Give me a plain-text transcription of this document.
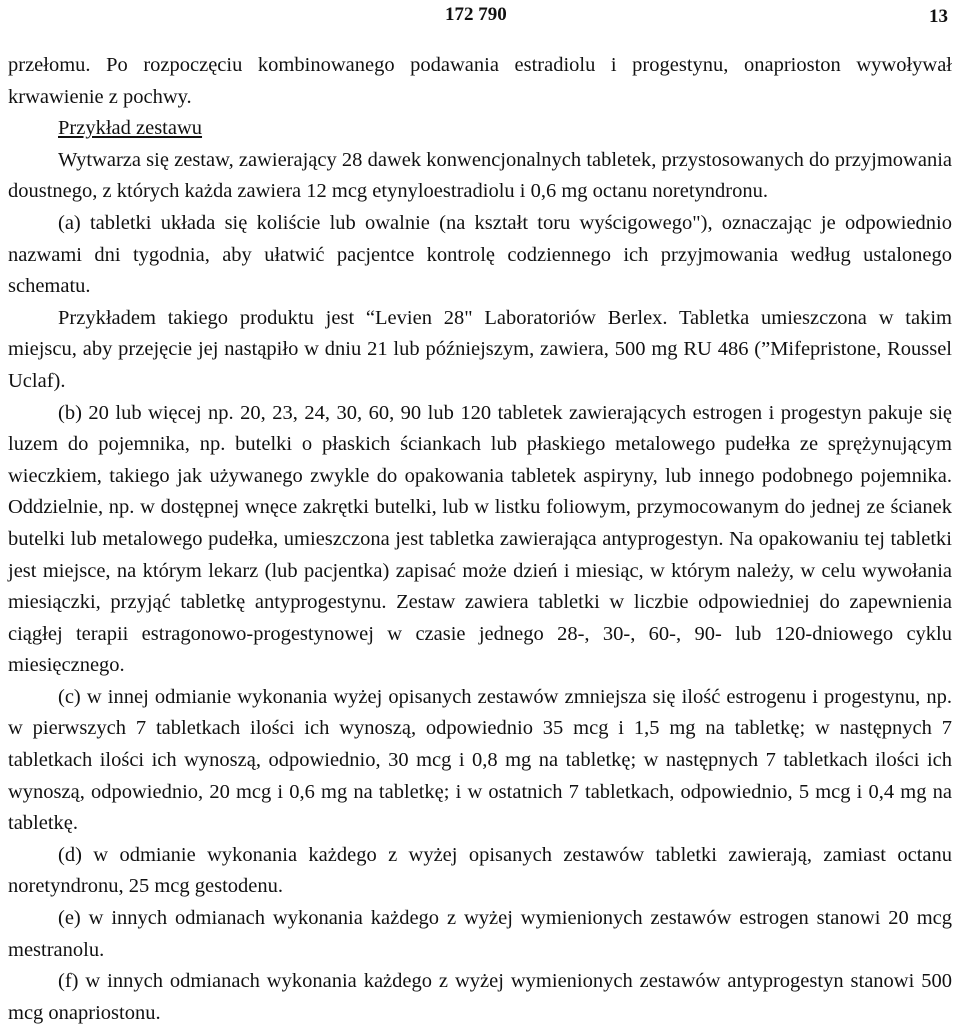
172 790	13

przełomu. Po rozpoczęciu kombinowanego podawania estradiolu i progestynu, onaprioston wywoływał krwawienie z pochwy.

Przykład zestawu

Wytwarza się zestaw, zawierający 28 dawek konwencjonalnych tabletek, przystosowanych do przyjmowania doustnego, z których każda zawiera 12 mcg etynyloestradiolu i 0,6 mg octanu noretyndronu.

(a) tabletki układa się koliście lub owalnie (na kształt toru wyścigowego"), oznaczając je odpowiednio nazwami dni tygodnia, aby ułatwić pacjentce kontrolę codziennego ich przyjmowania według ustalonego schematu.

Przykładem takiego produktu jest “Levien 28" Laboratoriów Berlex. Tabletka umieszczona w takim miejscu, aby przejęcie jej nastąpiło w dniu 21 lub późniejszym, zawiera, 500 mg RU 486 (”Mifepristone, Roussel Uclaf).

(b) 20 lub więcej np. 20, 23, 24, 30, 60, 90 lub 120 tabletek zawierających estrogen i progestyn pakuje się luzem do pojemnika, np. butelki o płaskich ściankach lub płaskiego metalowego pudełka ze sprężynującym wieczkiem, takiego jak używanego zwykle do opakowania tabletek aspiryny, lub innego podobnego pojemnika. Oddzielnie, np. w dostępnej wnęce zakrętki butelki, lub w listku foliowym, przymocowanym do jednej ze ścianek butelki lub metalowego pudełka, umieszczona jest tabletka zawierająca antyprogestyn. Na opakowaniu tej tabletki jest miejsce, na którym lekarz (lub pacjentka) zapisać może dzień i miesiąc, w którym należy, w celu wywołania miesiączki, przyjąć tabletkę antyprogestynu. Zestaw zawiera tabletki w liczbie odpowiedniej do zapewnienia ciągłej terapii estragonowo-progestynowej w czasie jednego 28-, 30-, 60-, 90- lub 120-dniowego cyklu miesięcznego.

(c) w innej odmianie wykonania wyżej opisanych zestawów zmniejsza się ilość estrogenu i progestynu, np. w pierwszych 7 tabletkach ilości ich wynoszą, odpowiednio 35 mcg i 1,5 mg na tabletkę; w następnych 7 tabletkach ilości ich wynoszą, odpowiednio, 30 mcg i 0,8 mg na tabletkę; w następnych 7 tabletkach ilości ich wynoszą, odpowiednio, 20 mcg i 0,6 mg na tabletkę; i w ostatnich 7 tabletkach, odpowiednio, 5 mcg i 0,4 mg na tabletkę.

(d) w odmianie wykonania każdego z wyżej opisanych zestawów tabletki zawierają, zamiast octanu noretyndronu, 25 mcg gestodenu.

(e) w innych odmianach wykonania każdego z wyżej wymienionych zestawów estrogen stanowi 20 mcg mestranolu.

(f) w innych odmianach wykonania każdego z wyżej wymienionych zestawów antyprogestyn stanowi 500 mcg onapriostonu.
